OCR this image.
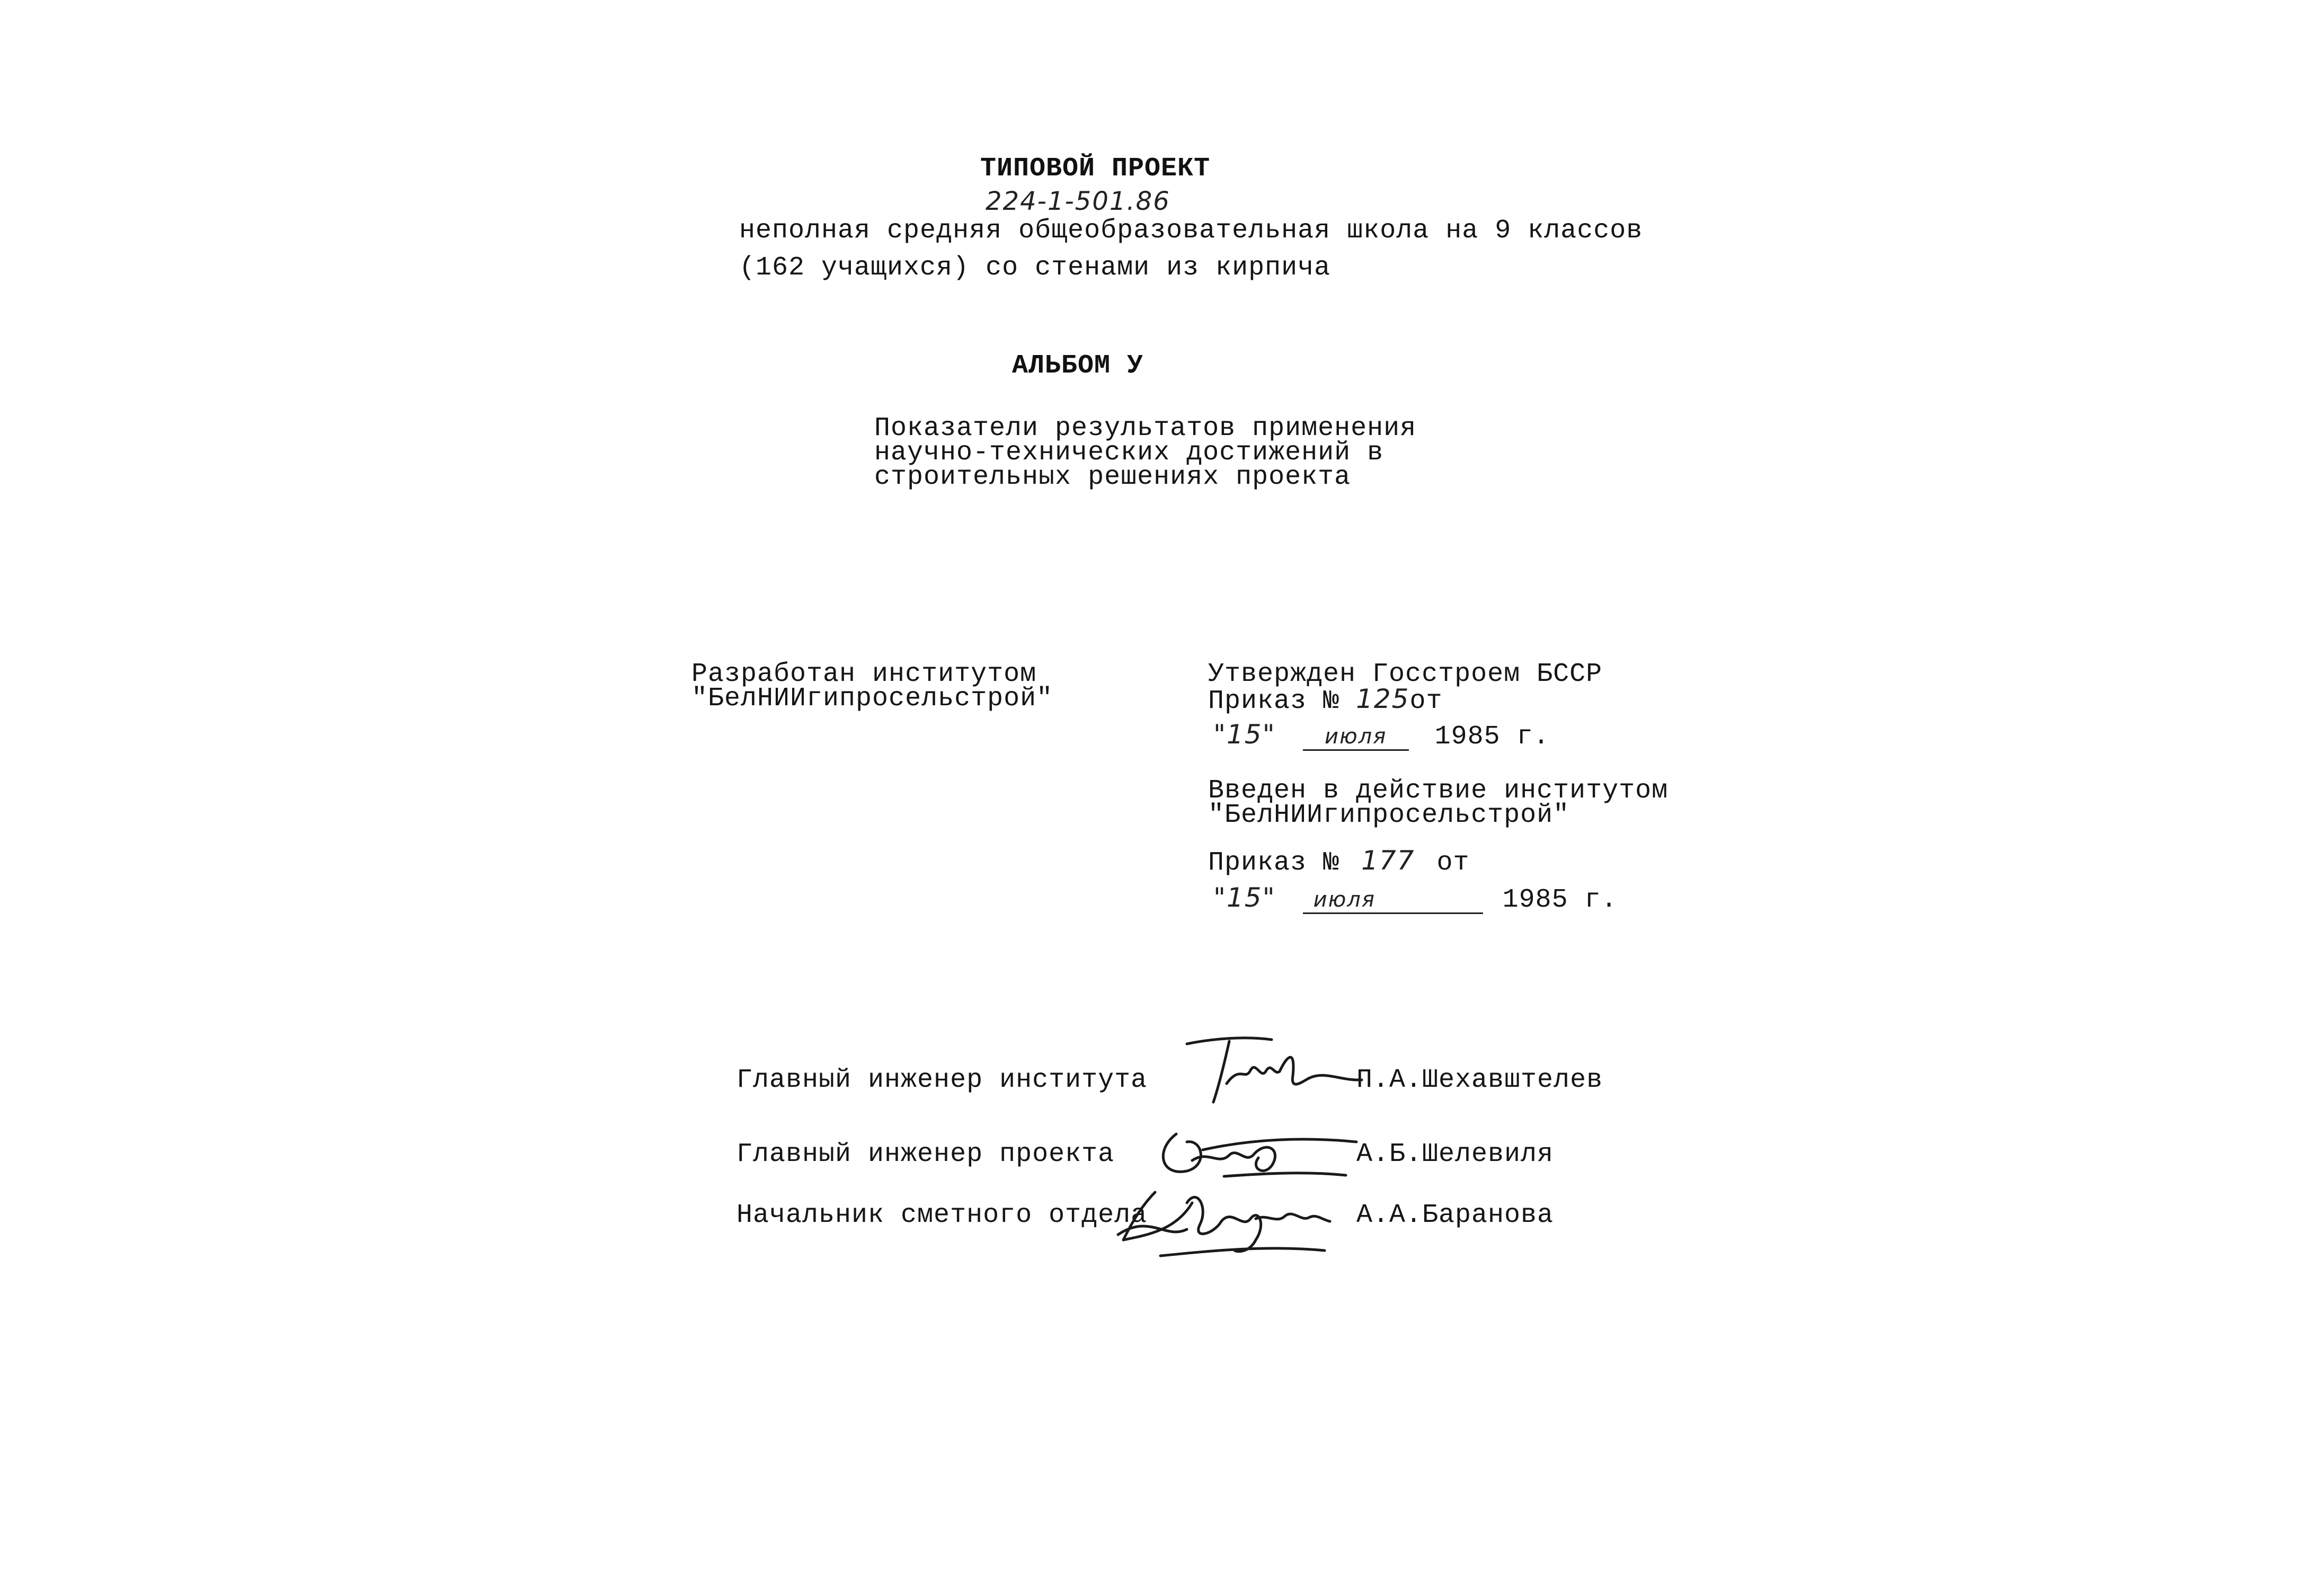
ТИПОВОЙ ПРОЕКТ
224-1-501.86
неполная средняя общеобразовательная школа на 9 классов
(162 учащихся) со стенами из кирпича
АЛЬБОМ У
Показатели результатов применения
научно-технических достижений в
строительных решениях проекта
Разработан институтом
"БелНИИгипросельстрой"
Утвержден Госстроем БССР
Приказ № 125от
"15" июля 1985 г.
Введен в действие институтом
"БелНИИгипросельстрой"
Приказ № 177 от
"15" июля	1985 г.
Главный инженер института	П.А.Шехавштелев
Главный инженер проекта	А.Б.Шелевиля
Начальник сметного отдела	А.А.Баранова
